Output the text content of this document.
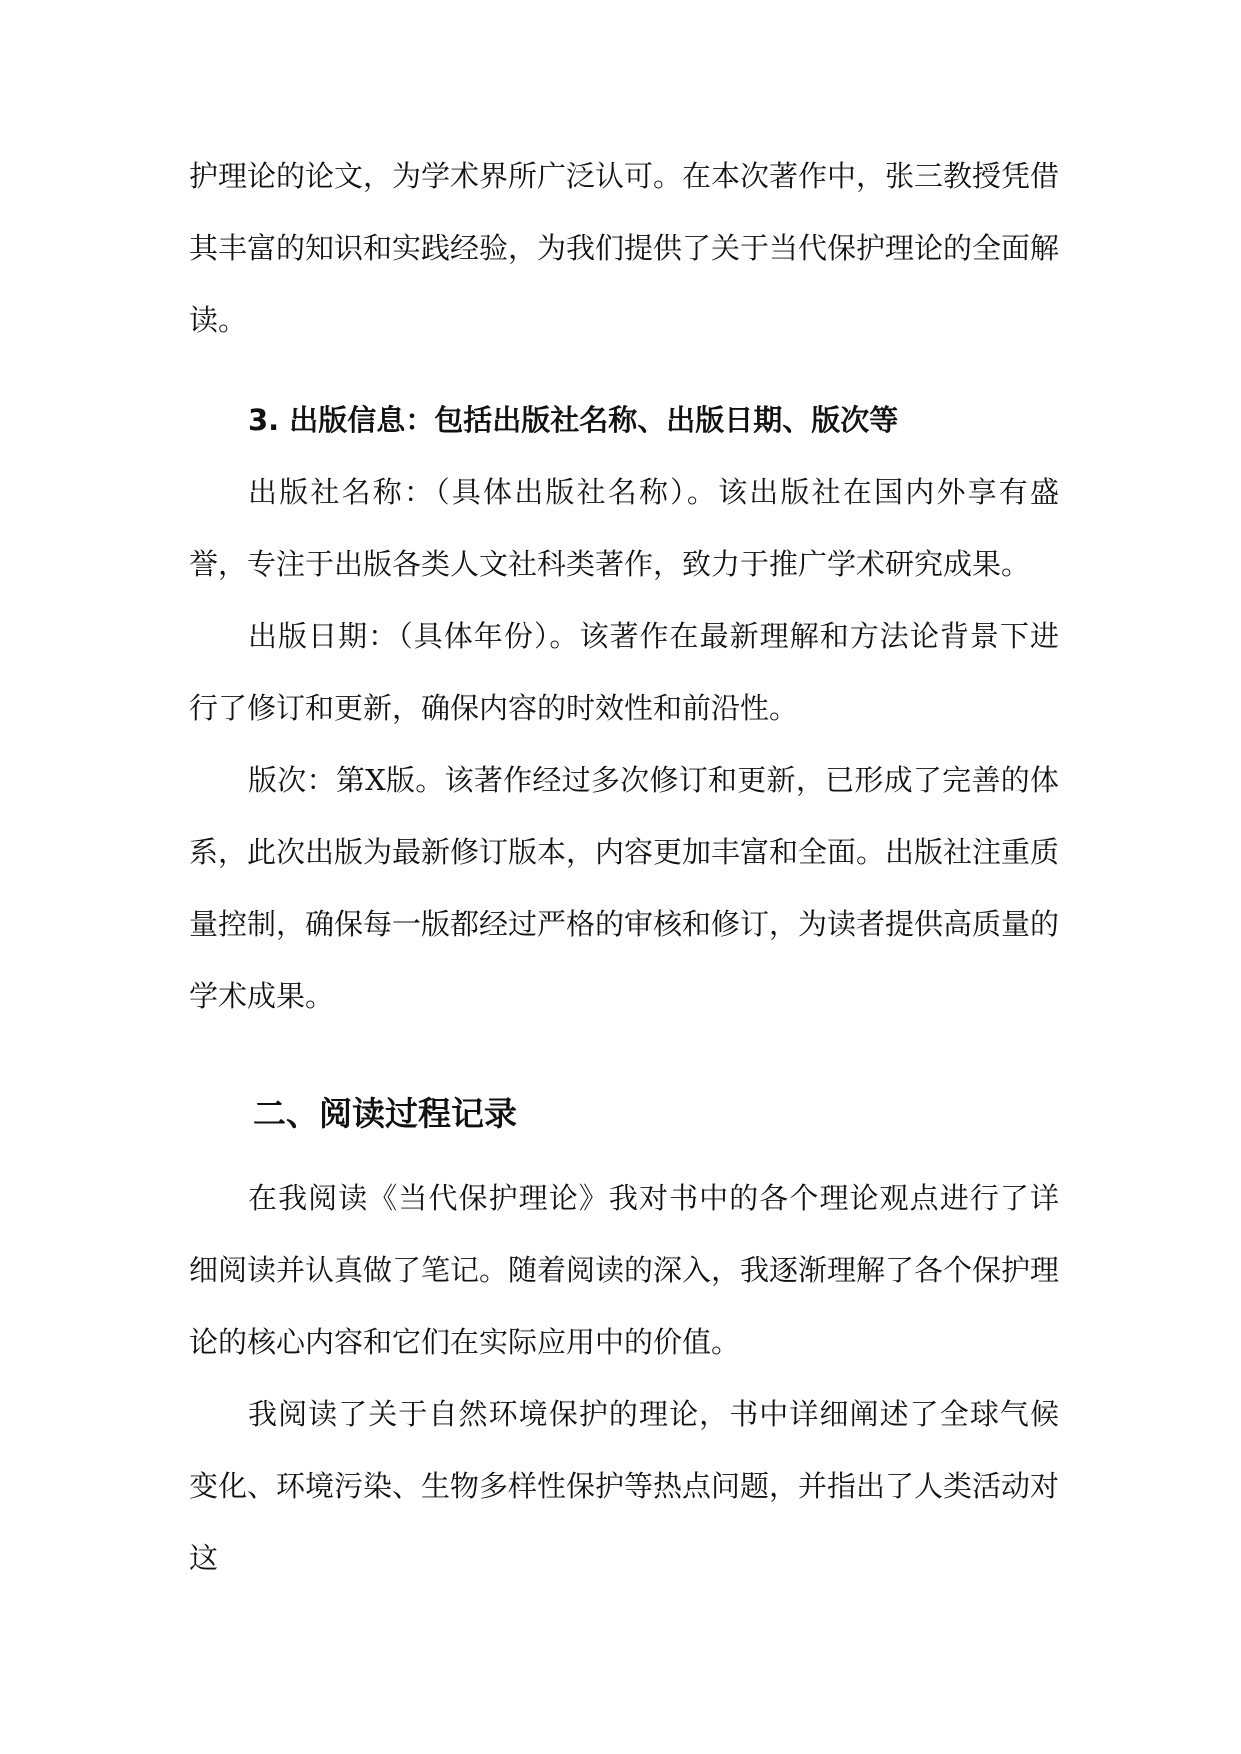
护理论的论文，为学术界所广泛认可。在本次著作中，张三教授凭借其丰富的知识和实践经验，为我们提供了关于当代保护理论的全面解读。

3. 出版信息：包括出版社名称、出版日期、版次等

出版社名称：（具体出版社名称）。该出版社在国内外享有盛誉，专注于出版各类人文社科类著作，致力于推广学术研究成果。

出版日期：（具体年份）。该著作在最新理解和方法论背景下进行了修订和更新，确保内容的时效性和前沿性。

版次：第X版。该著作经过多次修订和更新，已形成了完善的体系，此次出版为最新修订版本，内容更加丰富和全面。出版社注重质量控制，确保每一版都经过严格的审核和修订，为读者提供高质量的学术成果。

二、阅读过程记录

在我阅读《当代保护理论》我对书中的各个理论观点进行了详细阅读并认真做了笔记。随着阅读的深入，我逐渐理解了各个保护理论的核心内容和它们在实际应用中的价值。

我阅读了关于自然环境保护的理论，书中详细阐述了全球气候变化、环境污染、生物多样性保护等热点问题，并指出了人类活动对这
